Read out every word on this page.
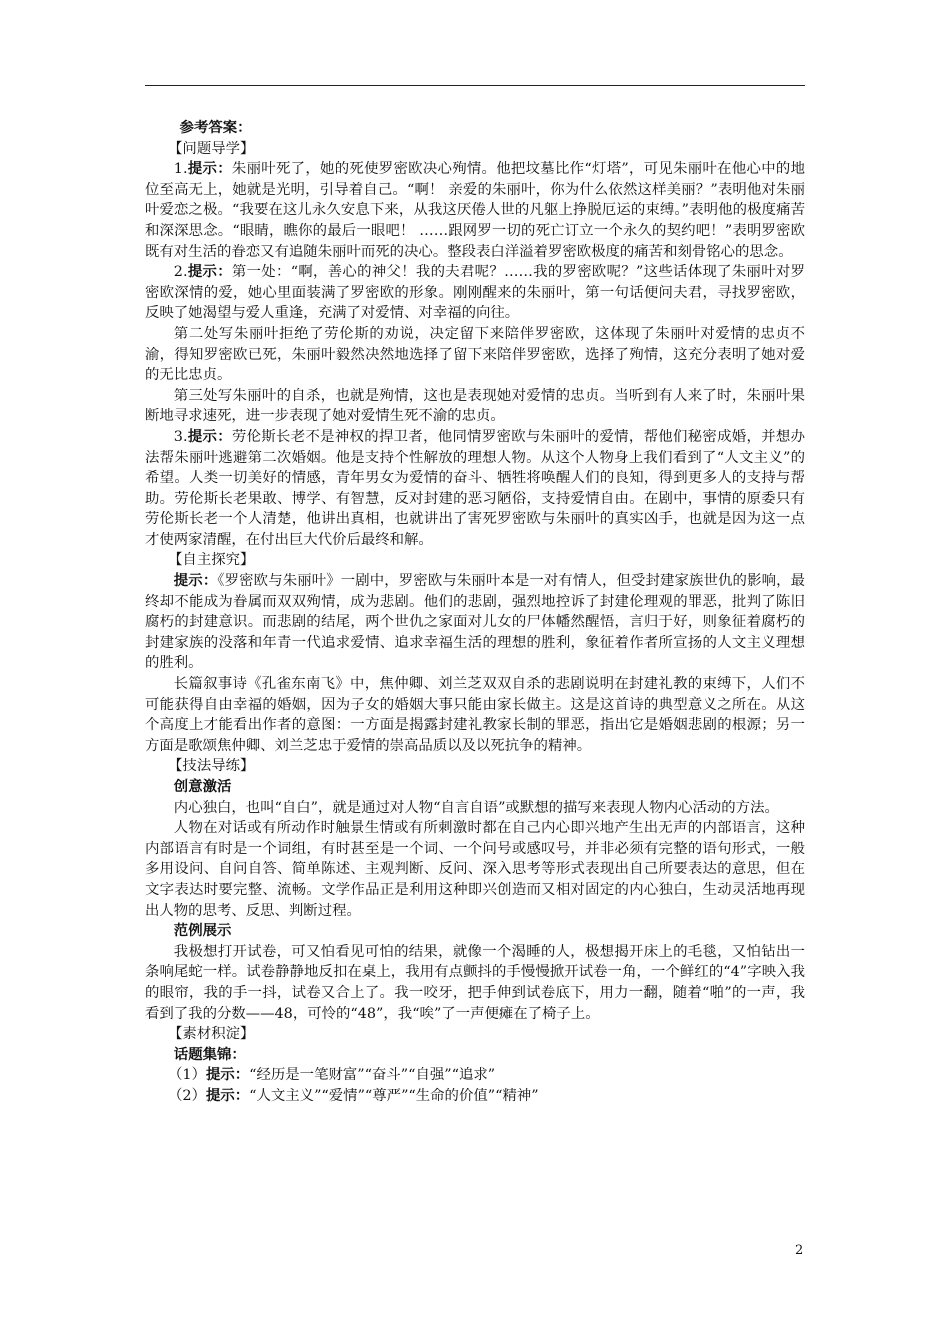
参考答案：

【问题导学】

1.提示：朱丽叶死了，她的死使罗密欧决心殉情。他把坟墓比作“灯塔”，可见朱丽叶在他心中的地位至高无上，她就是光明，引导着自己。“啊！ 亲爱的朱丽叶，你为什么依然这样美丽？”表明他对朱丽叶爱恋之极。“我要在这儿永久安息下来，从我这厌倦人世的凡躯上挣脱厄运的束缚。”表明他的极度痛苦和深深思念。“眼睛，瞧你的最后一眼吧！ ……跟网罗一切的死亡订立一个永久的契约吧！”表明罗密欧既有对生活的眷恋又有追随朱丽叶而死的决心。整段表白洋溢着罗密欧极度的痛苦和刻骨铭心的思念。

2.提示：第一处：“啊，善心的神父！我的夫君呢？……我的罗密欧呢？”这些话体现了朱丽叶对罗密欧深情的爱，她心里面装满了罗密欧的形象。刚刚醒来的朱丽叶，第一句话便问夫君，寻找罗密欧，反映了她渴望与爱人重逢，充满了对爱情、对幸福的向往。

第二处写朱丽叶拒绝了劳伦斯的劝说，决定留下来陪伴罗密欧，这体现了朱丽叶对爱情的忠贞不渝，得知罗密欧已死，朱丽叶毅然决然地选择了留下来陪伴罗密欧，选择了殉情，这充分表明了她对爱的无比忠贞。

第三处写朱丽叶的自杀，也就是殉情，这也是表现她对爱情的忠贞。当听到有人来了时，朱丽叶果断地寻求速死，进一步表现了她对爱情生死不渝的忠贞。

3.提示：劳伦斯长老不是神权的捍卫者，他同情罗密欧与朱丽叶的爱情，帮他们秘密成婚，并想办法帮朱丽叶逃避第二次婚姻。他是支持个性解放的理想人物。从这个人物身上我们看到了“人文主义”的希望。人类一切美好的情感，青年男女为爱情的奋斗、牺牲将唤醒人们的良知，得到更多人的支持与帮助。劳伦斯长老果敢、博学、有智慧，反对封建的恶习陋俗，支持爱情自由。在剧中，事情的原委只有劳伦斯长老一个人清楚，他讲出真相，也就讲出了害死罗密欧与朱丽叶的真实凶手，也就是因为这一点才使两家清醒，在付出巨大代价后最终和解。

【自主探究】

提示：《罗密欧与朱丽叶》一剧中，罗密欧与朱丽叶本是一对有情人，但受封建家族世仇的影响，最终却不能成为眷属而双双殉情，成为悲剧。他们的悲剧，强烈地控诉了封建伦理观的罪恶，批判了陈旧腐朽的封建意识。而悲剧的结尾，两个世仇之家面对儿女的尸体幡然醒悟，言归于好，则象征着腐朽的封建家族的没落和年青一代追求爱情、追求幸福生活的理想的胜利，象征着作者所宣扬的人文主义理想的胜利。

长篇叙事诗《孔雀东南飞》中，焦仲卿、刘兰芝双双自杀的悲剧说明在封建礼教的束缚下，人们不可能获得自由幸福的婚姻，因为子女的婚姻大事只能由家长做主。这是这首诗的典型意义之所在。从这个高度上才能看出作者的意图：一方面是揭露封建礼教家长制的罪恶，指出它是婚姻悲剧的根源；另一方面是歌颂焦仲卿、刘兰芝忠于爱情的崇高品质以及以死抗争的精神。

【技法导练】

创意激活

内心独白，也叫“自白”，就是通过对人物“自言自语”或默想的描写来表现人物内心活动的方法。

人物在对话或有所动作时触景生情或有所刺激时都在自己内心即兴地产生出无声的内部语言，这种内部语言有时是一个词组，有时甚至是一个词、一个问号或感叹号，并非必须有完整的语句形式，一般多用设问、自问自答、简单陈述、主观判断、反问、深入思考等形式表现出自己所要表达的意思，但在文字表达时要完整、流畅。文学作品正是利用这种即兴创造而又相对固定的内心独白，生动灵活地再现出人物的思考、反思、判断过程。

范例展示

我极想打开试卷，可又怕看见可怕的结果，就像一个渴睡的人，极想揭开床上的毛毯，又怕钻出一条响尾蛇一样。试卷静静地反扣在桌上，我用有点颤抖的手慢慢掀开试卷一角，一个鲜红的“4”字映入我的眼帘，我的手一抖，试卷又合上了。我一咬牙，把手伸到试卷底下，用力一翻，随着“啪”的一声，我看到了我的分数——48，可怜的“48”，我“唉”了一声便瘫在了椅子上。

【素材积淀】

话题集锦：

（1）提示：“经历是一笔财富”“奋斗”“自强”“追求”

（2）提示：“人文主义”“爱情”“尊严”“生命的价值”“精神”

2
